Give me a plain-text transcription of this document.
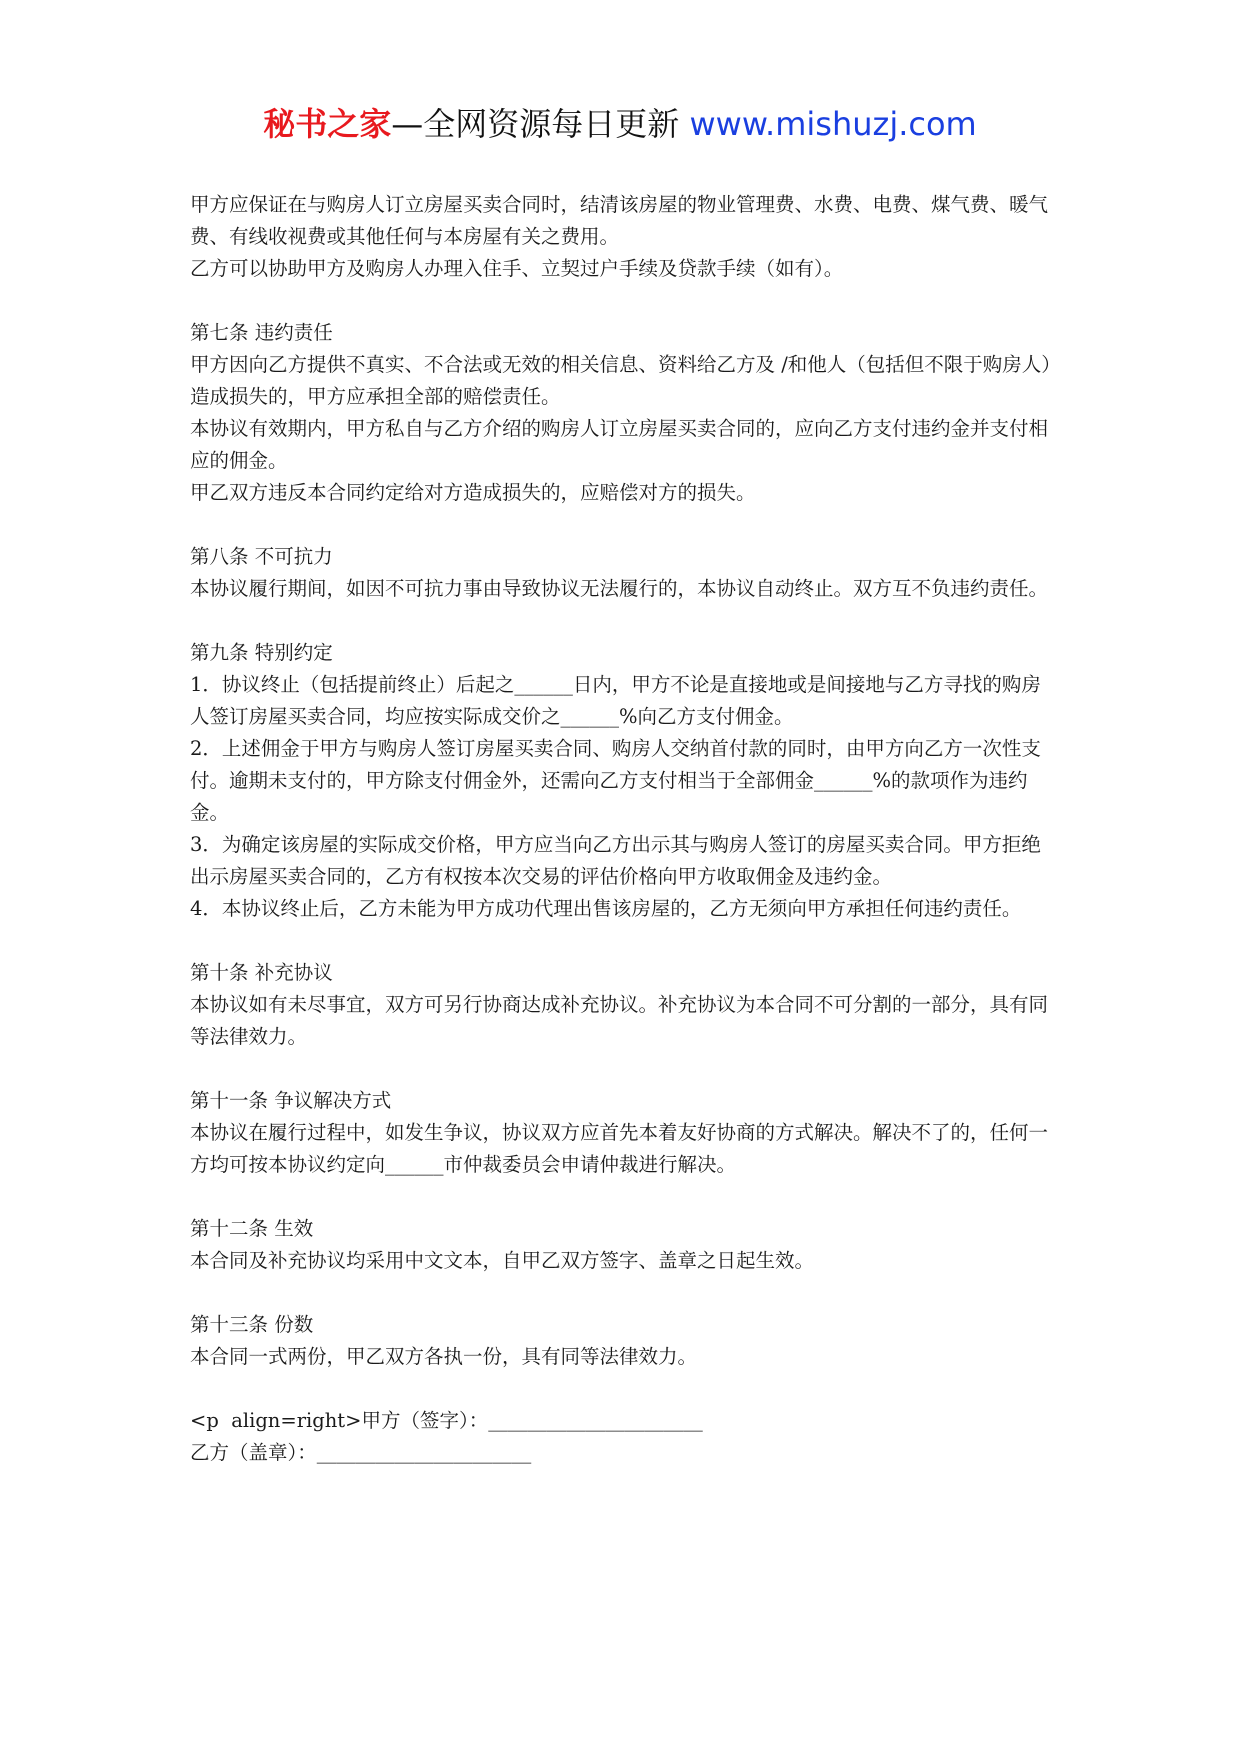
秘书之家—全网资源每日更新 www.mishuzj.com

甲方应保证在与购房人订立房屋买卖合同时，结清该房屋的物业管理费、水费、电费、煤气费、暖气费、有线收视费或其他任何与本房屋有关之费用。

乙方可以协助甲方及购房人办理入住手、立契过户手续及贷款手续（如有）。

第七条 违约责任

甲方因向乙方提供不真实、不合法或无效的相关信息、资料给乙方及 /和他人（包括但不限于购房人）造成损失的，甲方应承担全部的赔偿责任。

本协议有效期内，甲方私自与乙方介绍的购房人订立房屋买卖合同的，应向乙方支付违约金并支付相应的佣金。

甲乙双方违反本合同约定给对方造成损失的，应赔偿对方的损失。

第八条 不可抗力

本协议履行期间，如因不可抗力事由导致协议无法履行的，本协议自动终止。双方互不负违约责任。

第九条 特别约定

1．协议终止（包括提前终止）后起之______日内，甲方不论是直接地或是间接地与乙方寻找的购房人签订房屋买卖合同，均应按实际成交价之______%向乙方支付佣金。

2．上述佣金于甲方与购房人签订房屋买卖合同、购房人交纳首付款的同时，由甲方向乙方一次性支付。逾期未支付的，甲方除支付佣金外，还需向乙方支付相当于全部佣金______%的款项作为违约金。

3．为确定该房屋的实际成交价格，甲方应当向乙方出示其与购房人签订的房屋买卖合同。甲方拒绝出示房屋买卖合同的，乙方有权按本次交易的评估价格向甲方收取佣金及违约金。

4．本协议终止后，乙方未能为甲方成功代理出售该房屋的，乙方无须向甲方承担任何违约责任。

第十条 补充协议

本协议如有未尽事宜，双方可另行协商达成补充协议。补充协议为本合同不可分割的一部分，具有同等法律效力。

第十一条 争议解决方式

本协议在履行过程中，如发生争议，协议双方应首先本着友好协商的方式解决。解决不了的，任何一方均可按本协议约定向______市仲裁委员会申请仲裁进行解决。

第十二条 生效

本合同及补充协议均采用中文文本，自甲乙双方签字、盖章之日起生效。

第十三条 份数

本合同一式两份，甲乙双方各执一份，具有同等法律效力。

<p  align=right>甲方（签字）：______________________

乙方（盖章）：______________________
